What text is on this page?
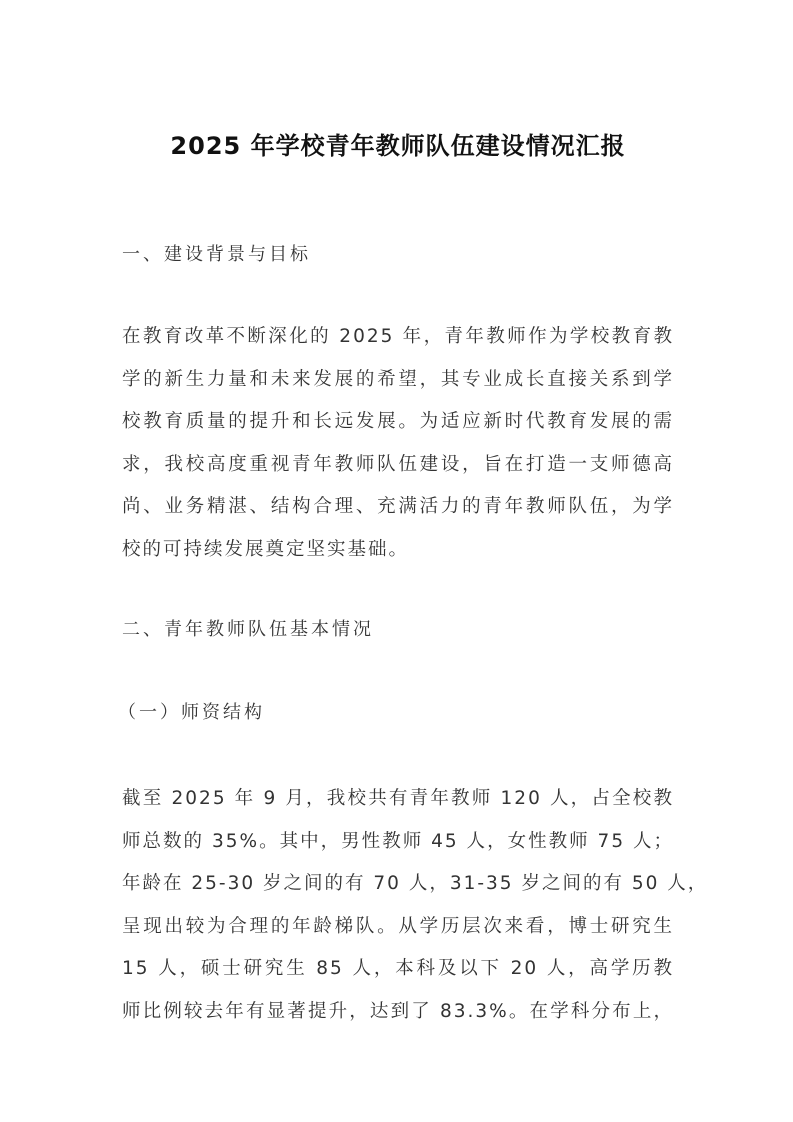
2025 年学校青年教师队伍建设情况汇报
一、建设背景与目标
在教育改革不断深化的 2025 年，青年教师作为学校教育教
学的新生力量和未来发展的希望，其专业成长直接关系到学
校教育质量的提升和长远发展。为适应新时代教育发展的需
求，我校高度重视青年教师队伍建设，旨在打造一支师德高
尚、业务精湛、结构合理、充满活力的青年教师队伍，为学
校的可持续发展奠定坚实基础。
二、青年教师队伍基本情况
（一）师资结构
截至 2025 年 9 月，我校共有青年教师 120 人，占全校教
师总数的 35%。其中，男性教师 45 人，女性教师 75 人；
年龄在 25-30 岁之间的有 70 人，31-35 岁之间的有 50 人，
呈现出较为合理的年龄梯队。从学历层次来看，博士研究生
15 人，硕士研究生 85 人，本科及以下 20 人，高学历教
师比例较去年有显著提升，达到了 83.3%。在学科分布上，
